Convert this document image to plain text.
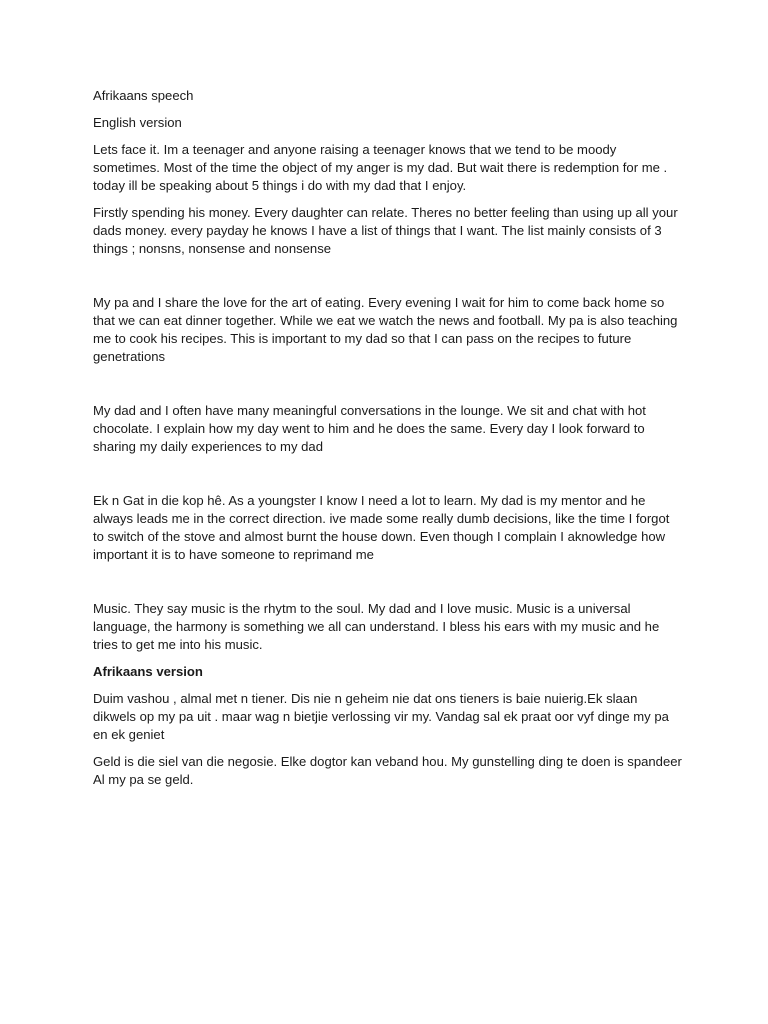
Afrikaans speech

English version

Lets face it. Im a teenager and anyone raising a teenager knows that we tend to be moody sometimes. Most of the time the object of my anger is my dad. But wait there is redemption for me . today ill be speaking about 5 things i do with my dad that I enjoy.

Firstly spending his money. Every daughter can relate. Theres no better feeling than using up all your dads money. every payday he knows I have a list of things that I want. The list mainly consists of 3 things ; nonsns, nonsense and nonsense

My pa and I share the love for the art of eating. Every evening I wait for him to come back home so that we can eat dinner together. While we eat we watch the news and football. My pa is also teaching me to cook his recipes. This is important to my dad so that I can pass on the recipes to future genetrations

My dad and I often have many meaningful conversations in the lounge. We sit and chat with hot chocolate. I explain how my day went to him and he does the same. Every day I look forward to sharing my daily experiences to my dad

Ek n Gat in die kop hê. As a youngster I know I need a lot to learn. My dad is my mentor and he always leads me in the correct direction. ive made some really dumb decisions, like the time I forgot to switch of the stove and almost burnt the house down. Even though I complain I aknowledge how important it is to have someone to reprimand me

Music. They say music is the rhytm to the soul. My dad and I love music. Music is a universal language, the harmony is something we all can understand. I bless his ears with my music and he tries to get me into his music.

Afrikaans version

Duim vashou , almal met n tiener. Dis nie n geheim nie dat ons tieners is baie nuierig.Ek slaan dikwels op my pa uit . maar wag n bietjie verlossing vir my. Vandag sal ek praat oor vyf dinge my pa en ek geniet

Geld is die siel van die negosie. Elke dogtor kan veband hou. My gunstelling ding te doen is spandeer Al my pa se geld.
